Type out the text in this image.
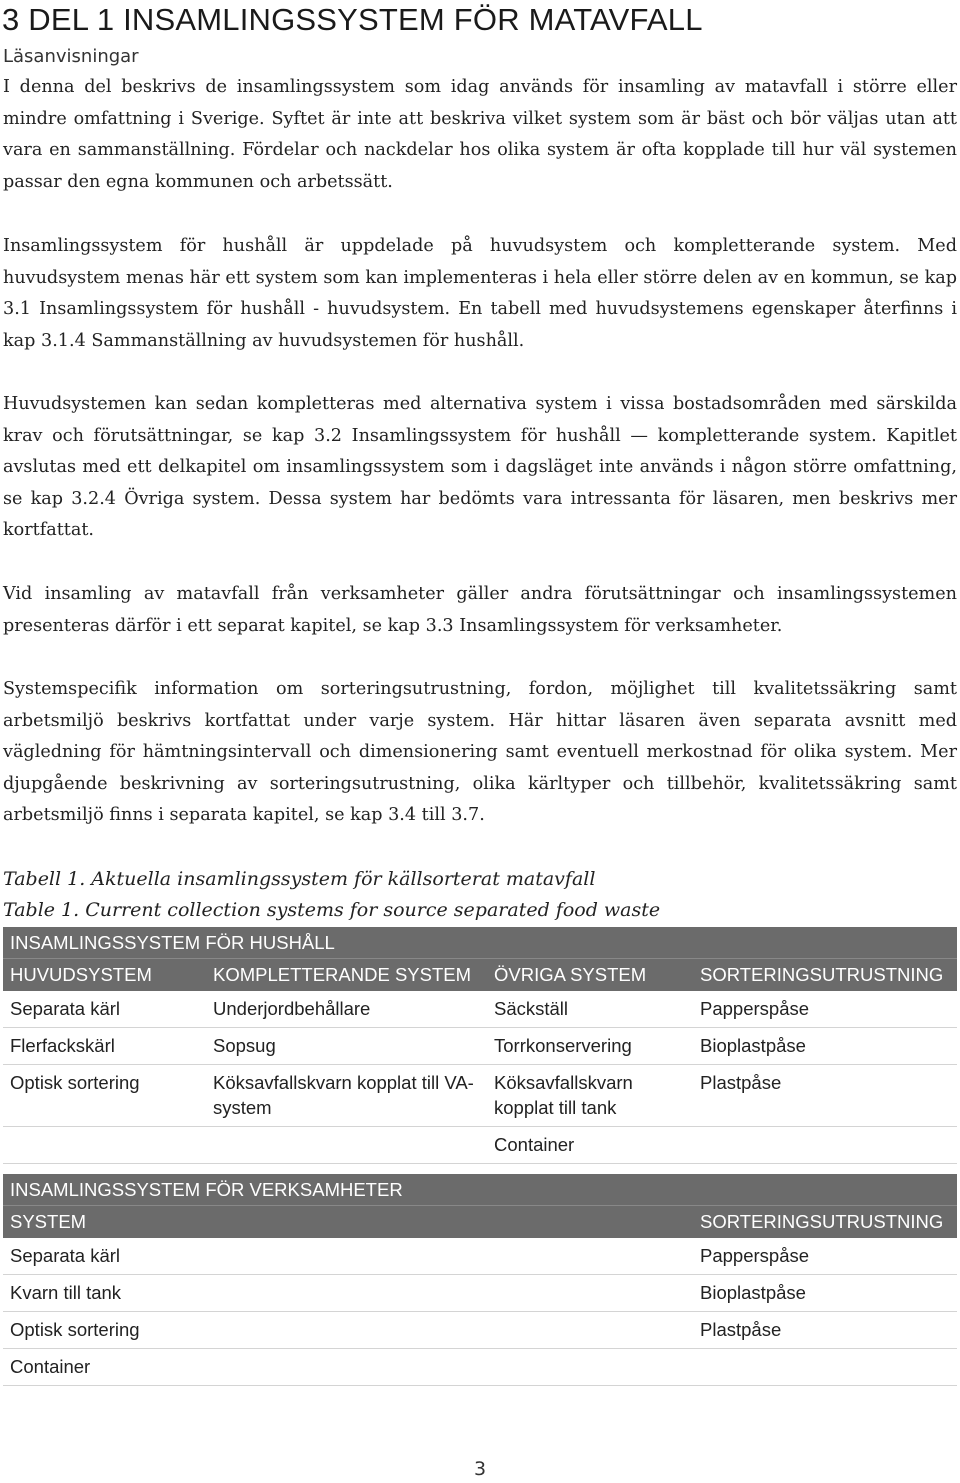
3 DEL 1 INSAMLINGSSYSTEM FÖR MATAVFALL

Läsanvisningar

I denna del beskrivs de insamlingssystem som idag används för insamling av matavfall i större eller mindre omfattning i Sverige. Syftet är inte att beskriva vilket system som är bäst och bör väljas utan att vara en sammanställning. Fördelar och nackdelar hos olika system är ofta kopplade till hur väl systemen passar den egna kommunen och arbetssätt.

Insamlingssystem för hushåll är uppdelade på huvudsystem och kompletterande system. Med huvudsystem menas här ett system som kan implementeras i hela eller större delen av en kommun, se kap 3.1 Insamlingssystem för hushåll - huvudsystem. En tabell med huvudsystemens egenskaper återfinns i kap 3.1.4 Sammanställning av huvudsystemen för hushåll.

Huvudsystemen kan sedan kompletteras med alternativa system i vissa bostadsområden med särskilda krav och förutsättningar, se kap 3.2 Insamlingssystem för hushåll — kompletterande system. Kapitlet avslutas med ett delkapitel om insamlingssystem som i dagsläget inte används i någon större omfattning, se kap 3.2.4 Övriga system. Dessa system har bedömts vara intressanta för läsaren, men beskrivs mer kortfattat.

Vid insamling av matavfall från verksamheter gäller andra förutsättningar och insamlingssystemen presenteras därför i ett separat kapitel, se kap 3.3 Insamlingssystem för verksamheter.

Systemspecifik information om sorteringsutrustning, fordon, möjlighet till kvalitetssäkring samt arbetsmiljö beskrivs kortfattat under varje system. Här hittar läsaren även separata avsnitt med vägledning för hämtningsintervall och dimensionering samt eventuell merkostnad för olika system. Mer djupgående beskrivning av sorteringsutrustning, olika kärltyper och tillbehör, kvalitetssäkring samt arbetsmiljö finns i separata kapitel, se kap 3.4 till 3.7.

Tabell 1. Aktuella insamlingssystem för källsorterat matavfall

Table 1. Current collection systems for source separated food waste

INSAMLINGSSYSTEM FÖR HUSHÅLL			
HUVUDSYSTEM	KOMPLETTERANDE SYSTEM	ÖVRIGA SYSTEM	SORTERINGSUTRUSTNING
Separata kärl	Underjordbehållare	Säckställ	Papperspåse
Flerfackskärl	Sopsug	Torrkonservering	Bioplastpåse
Optisk sortering	Köksavfallskvarn kopplat till VA-system	Köksavfallskvarn kopplat till tank	Plastpåse
		Container	
INSAMLINGSSYSTEM FÖR VERKSAMHETER	
SYSTEM	SORTERINGSUTRUSTNING
Separata kärl	Papperspåse
Kvarn till tank	Bioplastpåse
Optisk sortering	Plastpåse
Container	
3
